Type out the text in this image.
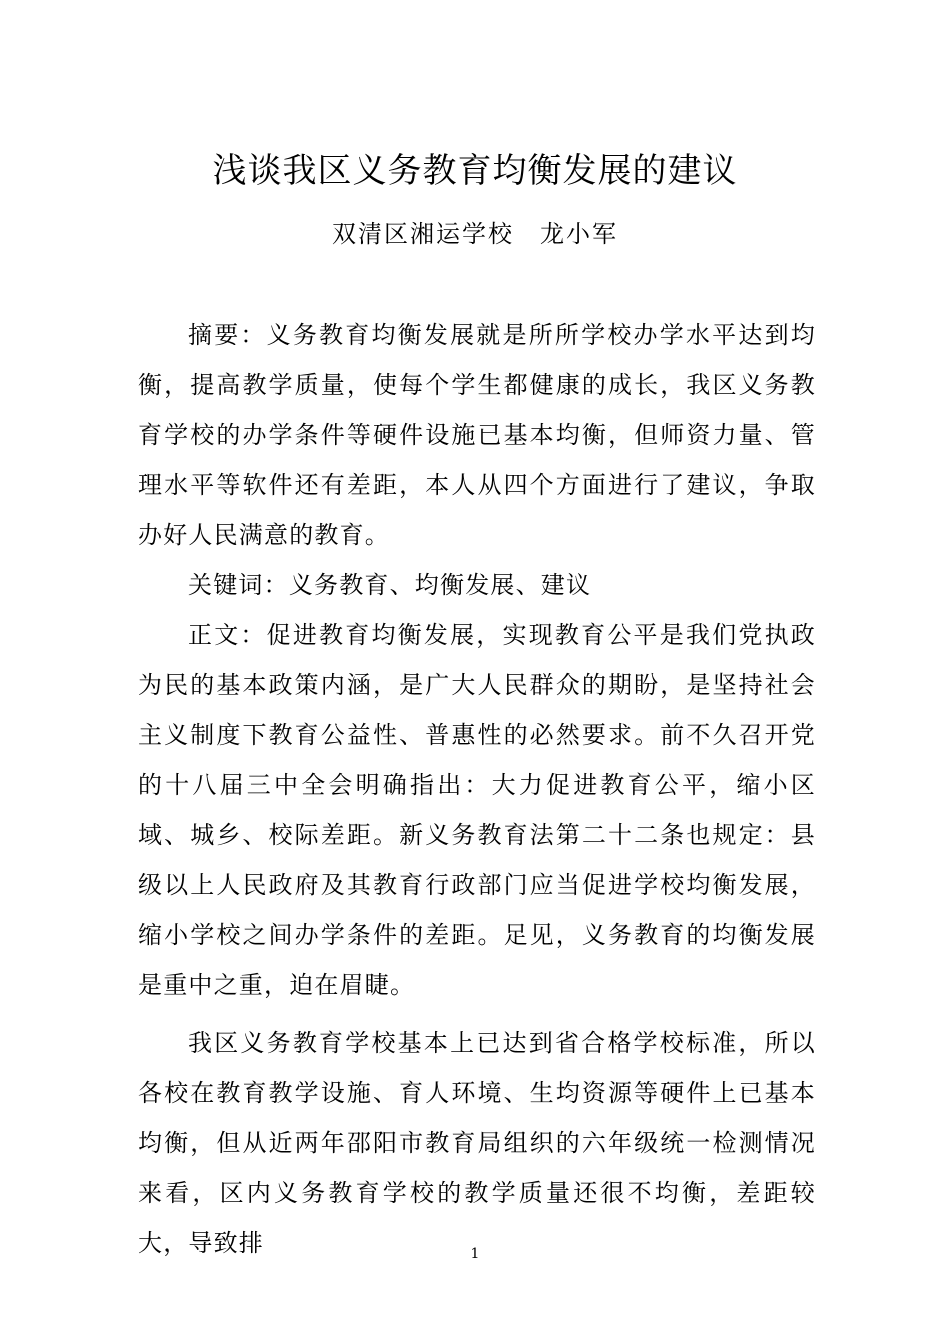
浅谈我区义务教育均衡发展的建议
双清区湘运学校 龙小军

摘要：义务教育均衡发展就是所所学校办学水平达到均衡，提高教学质量，使每个学生都健康的成长，我区义务教育学校的办学条件等硬件设施已基本均衡，但师资力量、管理水平等软件还有差距，本人从四个方面进行了建议，争取办好人民满意的教育。

关键词：义务教育、均衡发展、建议

正文：促进教育均衡发展，实现教育公平是我们党执政为民的基本政策内涵，是广大人民群众的期盼，是坚持社会主义制度下教育公益性、普惠性的必然要求。前不久召开党的十八届三中全会明确指出：大力促进教育公平，缩小区域、城乡、校际差距。新义务教育法第二十二条也规定：县级以上人民政府及其教育行政部门应当促进学校均衡发展，缩小学校之间办学条件的差距。足见，义务教育的均衡发展是重中之重，迫在眉睫。

我区义务教育学校基本上已达到省合格学校标准，所以各校在教育教学设施、育人环境、生均资源等硬件上已基本均衡，但从近两年邵阳市教育局组织的六年级统一检测情况来看，区内义务教育学校的教学质量还很不均衡，差距较大，导致排	1
